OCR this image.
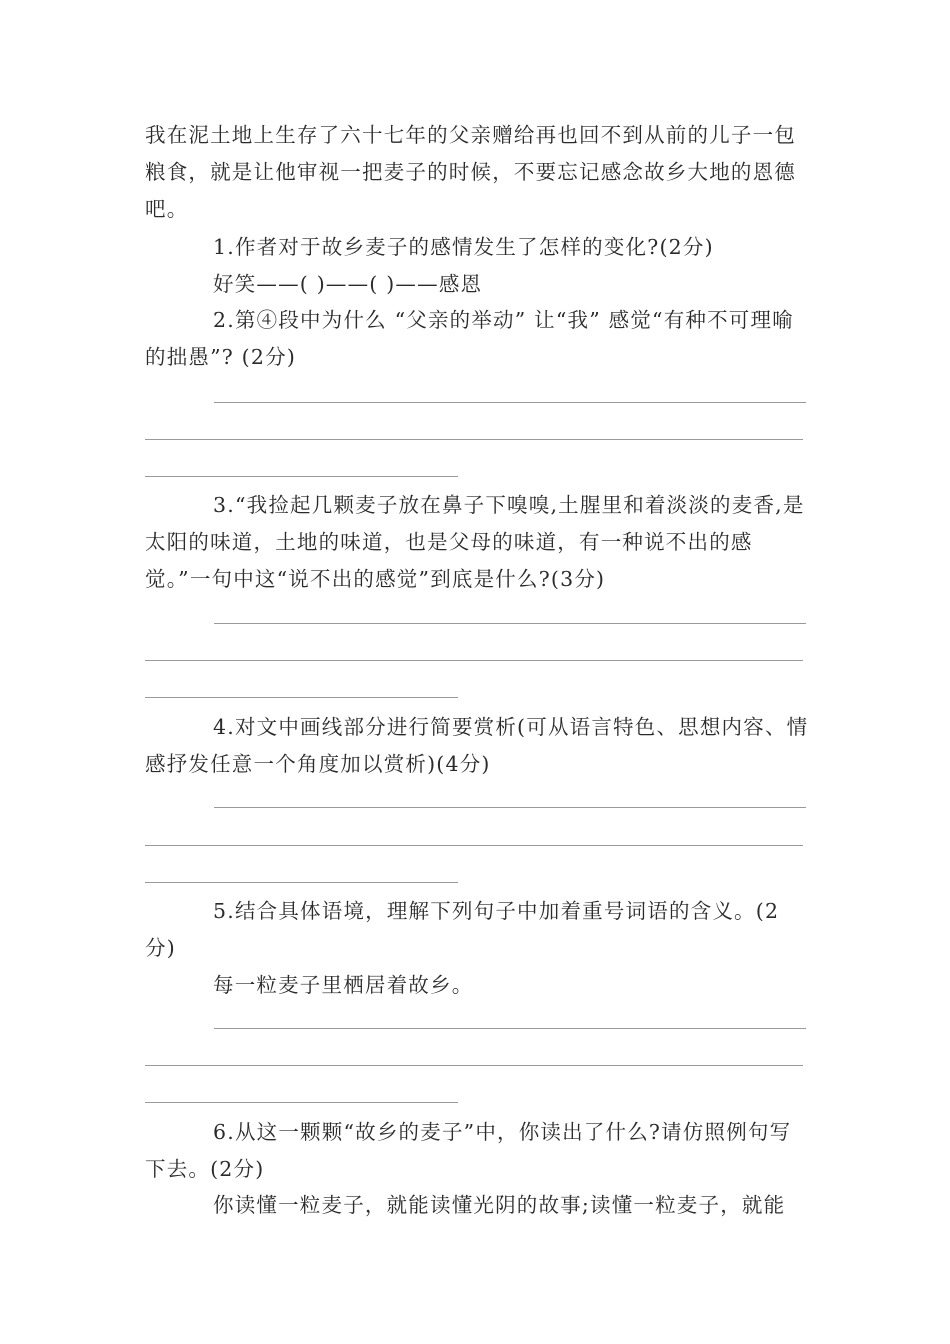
我在泥土地上生存了六十七年的父亲赠给再也回不到从前的儿子一包粮食，就是让他审视一把麦子的时候，不要忘记感念故乡大地的恩德吧。
1.作者对于故乡麦子的感情发生了怎样的变化?(2分)
好笑——( )——( )——感恩
2.第④段中为什么 “父亲的举动” 让“我” 感觉“有种不可理喻的拙愚”? (2分)
3.“我捡起几颗麦子放在鼻子下嗅嗅,土腥里和着淡淡的麦香,是太阳的味道，土地的味道，也是父母的味道，有一种说不出的感觉。”一句中这“说不出的感觉”到底是什么?(3分)
4.对文中画线部分进行简要赏析(可从语言特色、思想内容、情感抒发任意一个角度加以赏析)(4分)
5.结合具体语境，理解下列句子中加着重号词语的含义。(2分)
每一粒麦子里栖居着故乡。
6.从这一颗颗“故乡的麦子”中，你读出了什么?请仿照例句写下去。(2分)
你读懂一粒麦子，就能读懂光阴的故事;读懂一粒麦子，就能
